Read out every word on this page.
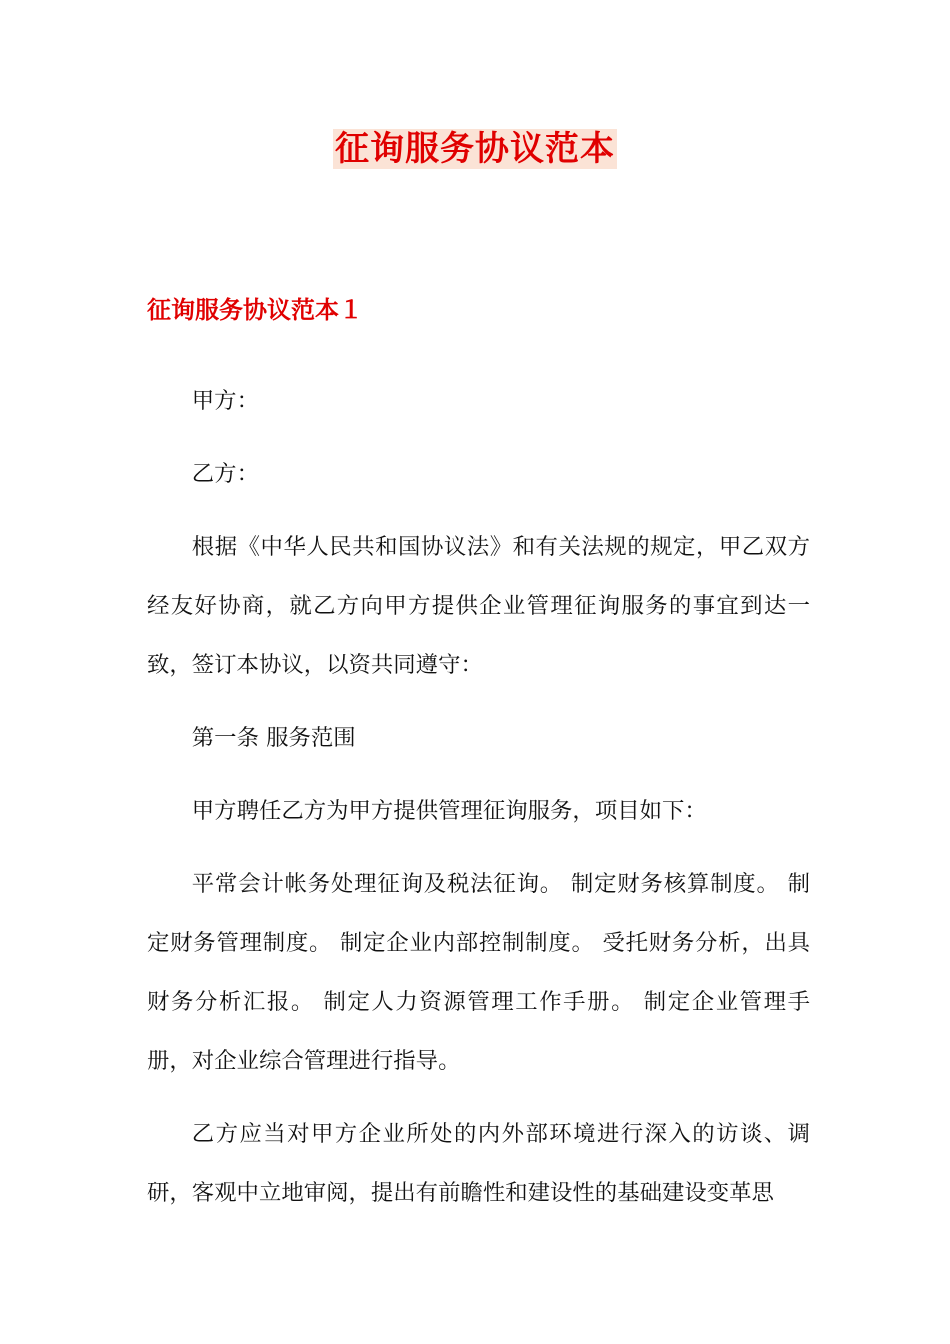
征询服务协议范本
征询服务协议范本１

甲方：

乙方：

根据《中华人民共和国协议法》和有关法规的规定，甲乙双方经友好协商，就乙方向甲方提供企业管理征询服务的事宜到达一致，签订本协议，以资共同遵守：

第一条 服务范围

甲方聘任乙方为甲方提供管理征询服务，项目如下：

平常会计帐务处理征询及税法征询。 制定财务核算制度。 制定财务管理制度。 制定企业内部控制制度。 受托财务分析，出具财务分析汇报。 制定人力资源管理工作手册。 制定企业管理手册，对企业综合管理进行指导。

乙方应当对甲方企业所处的内外部环境进行深入的访谈、调研，客观中立地审阅，提出有前瞻性和建设性的基础建设变革思
